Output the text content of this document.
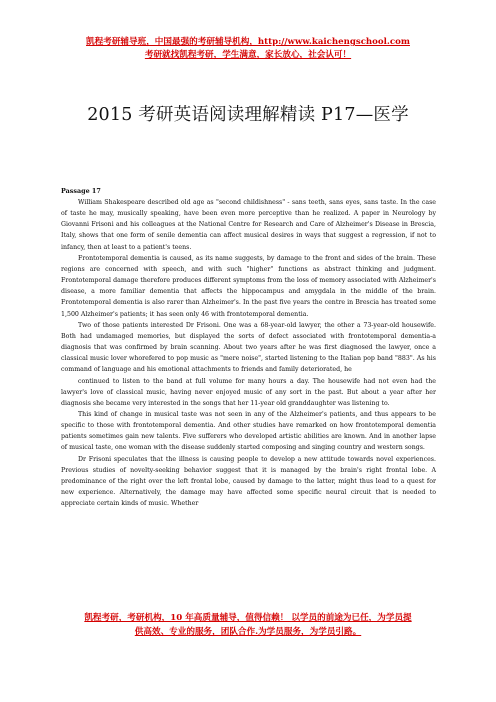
凯程考研辅导班，中国最强的考研辅导机构，http://www.kaichengschool.com
考研就找凯程考研，学生满意，家长放心，社会认可！
2015 考研英语阅读理解精读 P17—医学
Passage 17

William Shakespeare described old age as "second childishness" - sans teeth, sans eyes, sans taste. In the case of taste he may, musically speaking, have been even more perceptive than he realized. A paper in Neurology by Giovanni Frisoni and his colleagues at the National Centre for Research and Care of Alzheimer's Disease in Brescia, Italy, shows that one form of senile dementia can affect musical desires in ways that suggest a regression, if not to infancy, then at least to a patient's teens.

Frontotemporal dementia is caused, as its name suggests, by damage to the front and sides of the brain. These regions are concerned with speech, and with such "higher" functions as abstract thinking and judgment. Frontotemporal damage therefore produces different symptoms from the loss of memory associated with Alzheimer's disease, a more familiar dementia that affects the hippocampus and amygdala in the middle of the brain. Frontotemporal dementia is also rarer than Alzheimer's. In the past five years the centre in Brescia has treated some 1,500 Alzheimer's patients; it has seen only 46 with frontotemporal dementia.

Two of those patients interested Dr Frisoni. One was a 68-year-old lawyer, the other a 73-year-old housewife. Both had undamaged memories, but displayed the sorts of defect associated with frontotemporal dementia-a diagnosis that was confirmed by brain scanning. About two years after he was first diagnosed the lawyer, once a classical music lover whorefered to pop music as "mere noise", started listening to the Italian pop band "883". As his command of language and his emotional attachments to friends and family deteriorated, he

continued to listen to the band at full volume for many hours a day. The housewife had not even had the lawyer's love of classical music, having never enjoyed music of any sort in the past. But about a year after her diagnosis she became very interested in the songs that her 11-year old granddaughter was listening to.

This kind of change in musical taste was not seen in any of the Alzheimer's patients, and thus appears to be specific to those with frontotemporal dementia. And other studies have remarked on how frontotemporal dementia patients sometimes gain new talents. Five sufferers who developed artistic abilities are known. And in another lapse of musical taste, one woman with the disease suddenly started composing and singing country and western songs.

Dr Frisoni speculates that the illness is causing people to develop a new attitude towards novel experiences. Previous studies of novelty-seeking behavior suggest that it is managed by the brain's right frontal lobe. A predominance of the right over the left frontal lobe, caused by damage to the latter, might thus lead to a quest for new experience. Alternatively, the damage may have affected some specific neural circuit that is needed to appreciate certain kinds of music. Whether

凯程考研，考研机构，10 年高质量辅导，值得信赖！ 以学员的前途为已任，为学员提
供高效、专业的服务，团队合作.为学员服务，为学员引路。
